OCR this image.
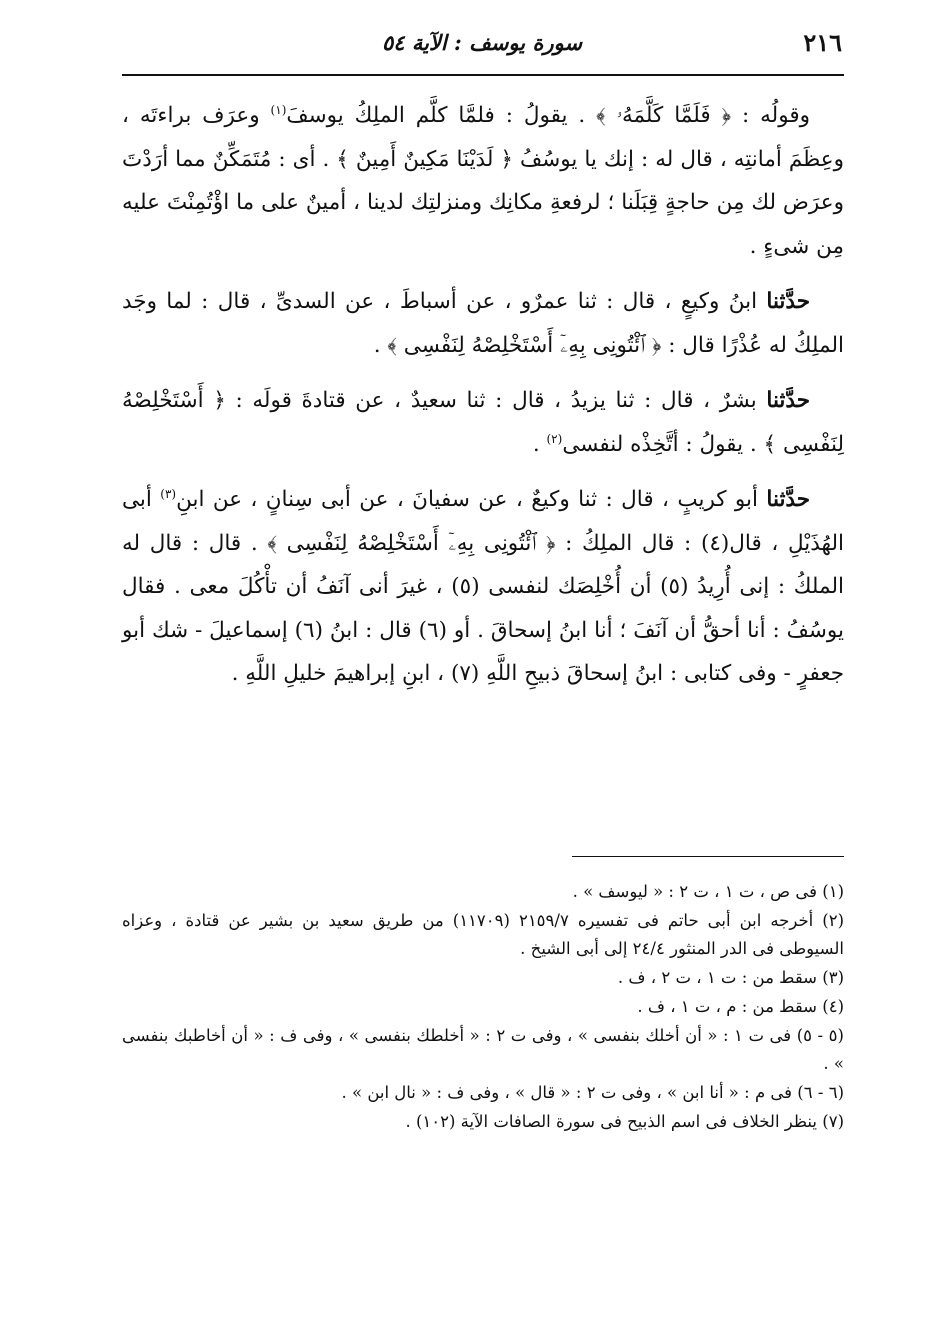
٢١٦
سورة يوسف : الآية ٥٤

وقولُه : ﴿ فَلَمَّا كَلَّمَهُۥ ﴾ . يقولُ : فلمَّا كلَّم الملِكُ يوسفَ$^{(١)}$ وعرَف براءتَه ، وعِظَمَ أمانتِه ، قال له : إنك يا يوسُفُ ﴿ لَدَيْنَا مَكِينٌ أَمِينٌ ﴾ . أى : مُتَمَكِّنٌ مما أرَدْتَ وعرَض لك مِن حاجةٍ قِبَلَنا ؛ لرفعةِ مكانِك ومنزلتِك لدينا ، أمينٌ على ما اؤْتُمِنْتَ عليه مِن شىءٍ .

حدَّثنا ابنُ وكيعٍ ، قال : ثنا عمرٌو ، عن أسباطَ ، عن السدىِّ ، قال : لما وجَد الملِكُ له عُذْرًا قال : ﴿ ٱئْتُونِى بِهِۦٓ أَسْتَخْلِصْهُ لِنَفْسِى ﴾ .

حدَّثنا بشرٌ ، قال : ثنا يزيدُ ، قال : ثنا سعيدٌ ، عن قتادةَ قولَه : ﴿ أَسْتَخْلِصْهُ لِنَفْسِى ﴾ . يقولُ : أتَّخِذْه لنفسى$^{(٢)}$ .

حدَّثنا أبو كريبٍ ، قال : ثنا وكيعٌ ، عن سفيانَ ، عن أبى سِنانٍ ، عن ابنِ$^{(٣)}$ أبى الهُذَيْلِ ، قال(٤) : قال الملِكُ : ﴿ ٱئْتُونِى بِهِۦٓ أَسْتَخْلِصْهُ لِنَفْسِى ﴾ . قال : قال له الملكُ : إنى أُرِيدُ (٥) أن أُخْلِصَك لنفسى (٥) ، غيرَ أنى آنَفُ أن تأْكُلَ معى . فقال يوسُفُ : أنا أحقُّ أن آنَفَ ؛ أنا ابنُ إسحاقَ . أو (٦) قال : ابنُ (٦) إسماعيلَ - شك أبو جعفرٍ - وفى كتابى : ابنُ إسحاقَ ذبيحِ اللَّهِ (٧) ، ابنِ إبراهيمَ خليلِ اللَّهِ .

(١) فى ص ، ت ١ ، ت ٢ : « ليوسف » .
(٢) أخرجه ابن أبى حاتم فى تفسيره ٢١٥٩/٧ (١١٧٠٩) من طريق سعيد بن بشير عن قتادة ، وعزاه السيوطى فى الدر المنثور ٢٤/٤ إلى أبى الشيخ .
(٣) سقط من : ت ١ ، ت ٢ ، ف .
(٤) سقط من : م ، ت ١ ، ف .
(٥ - ٥) فى ت ١ : « أن أخلك بنفسى » ، وفى ت ٢ : « أخلطك بنفسى » ، وفى ف : « أن أخاطبك بنفسى » .
(٦ - ٦) فى م : « أنا ابن » ، وفى ت ٢ : « قال » ، وفى ف : « نال ابن » .
(٧) ينظر الخلاف فى اسم الذبيح فى سورة الصافات الآية (١٠٢) .
